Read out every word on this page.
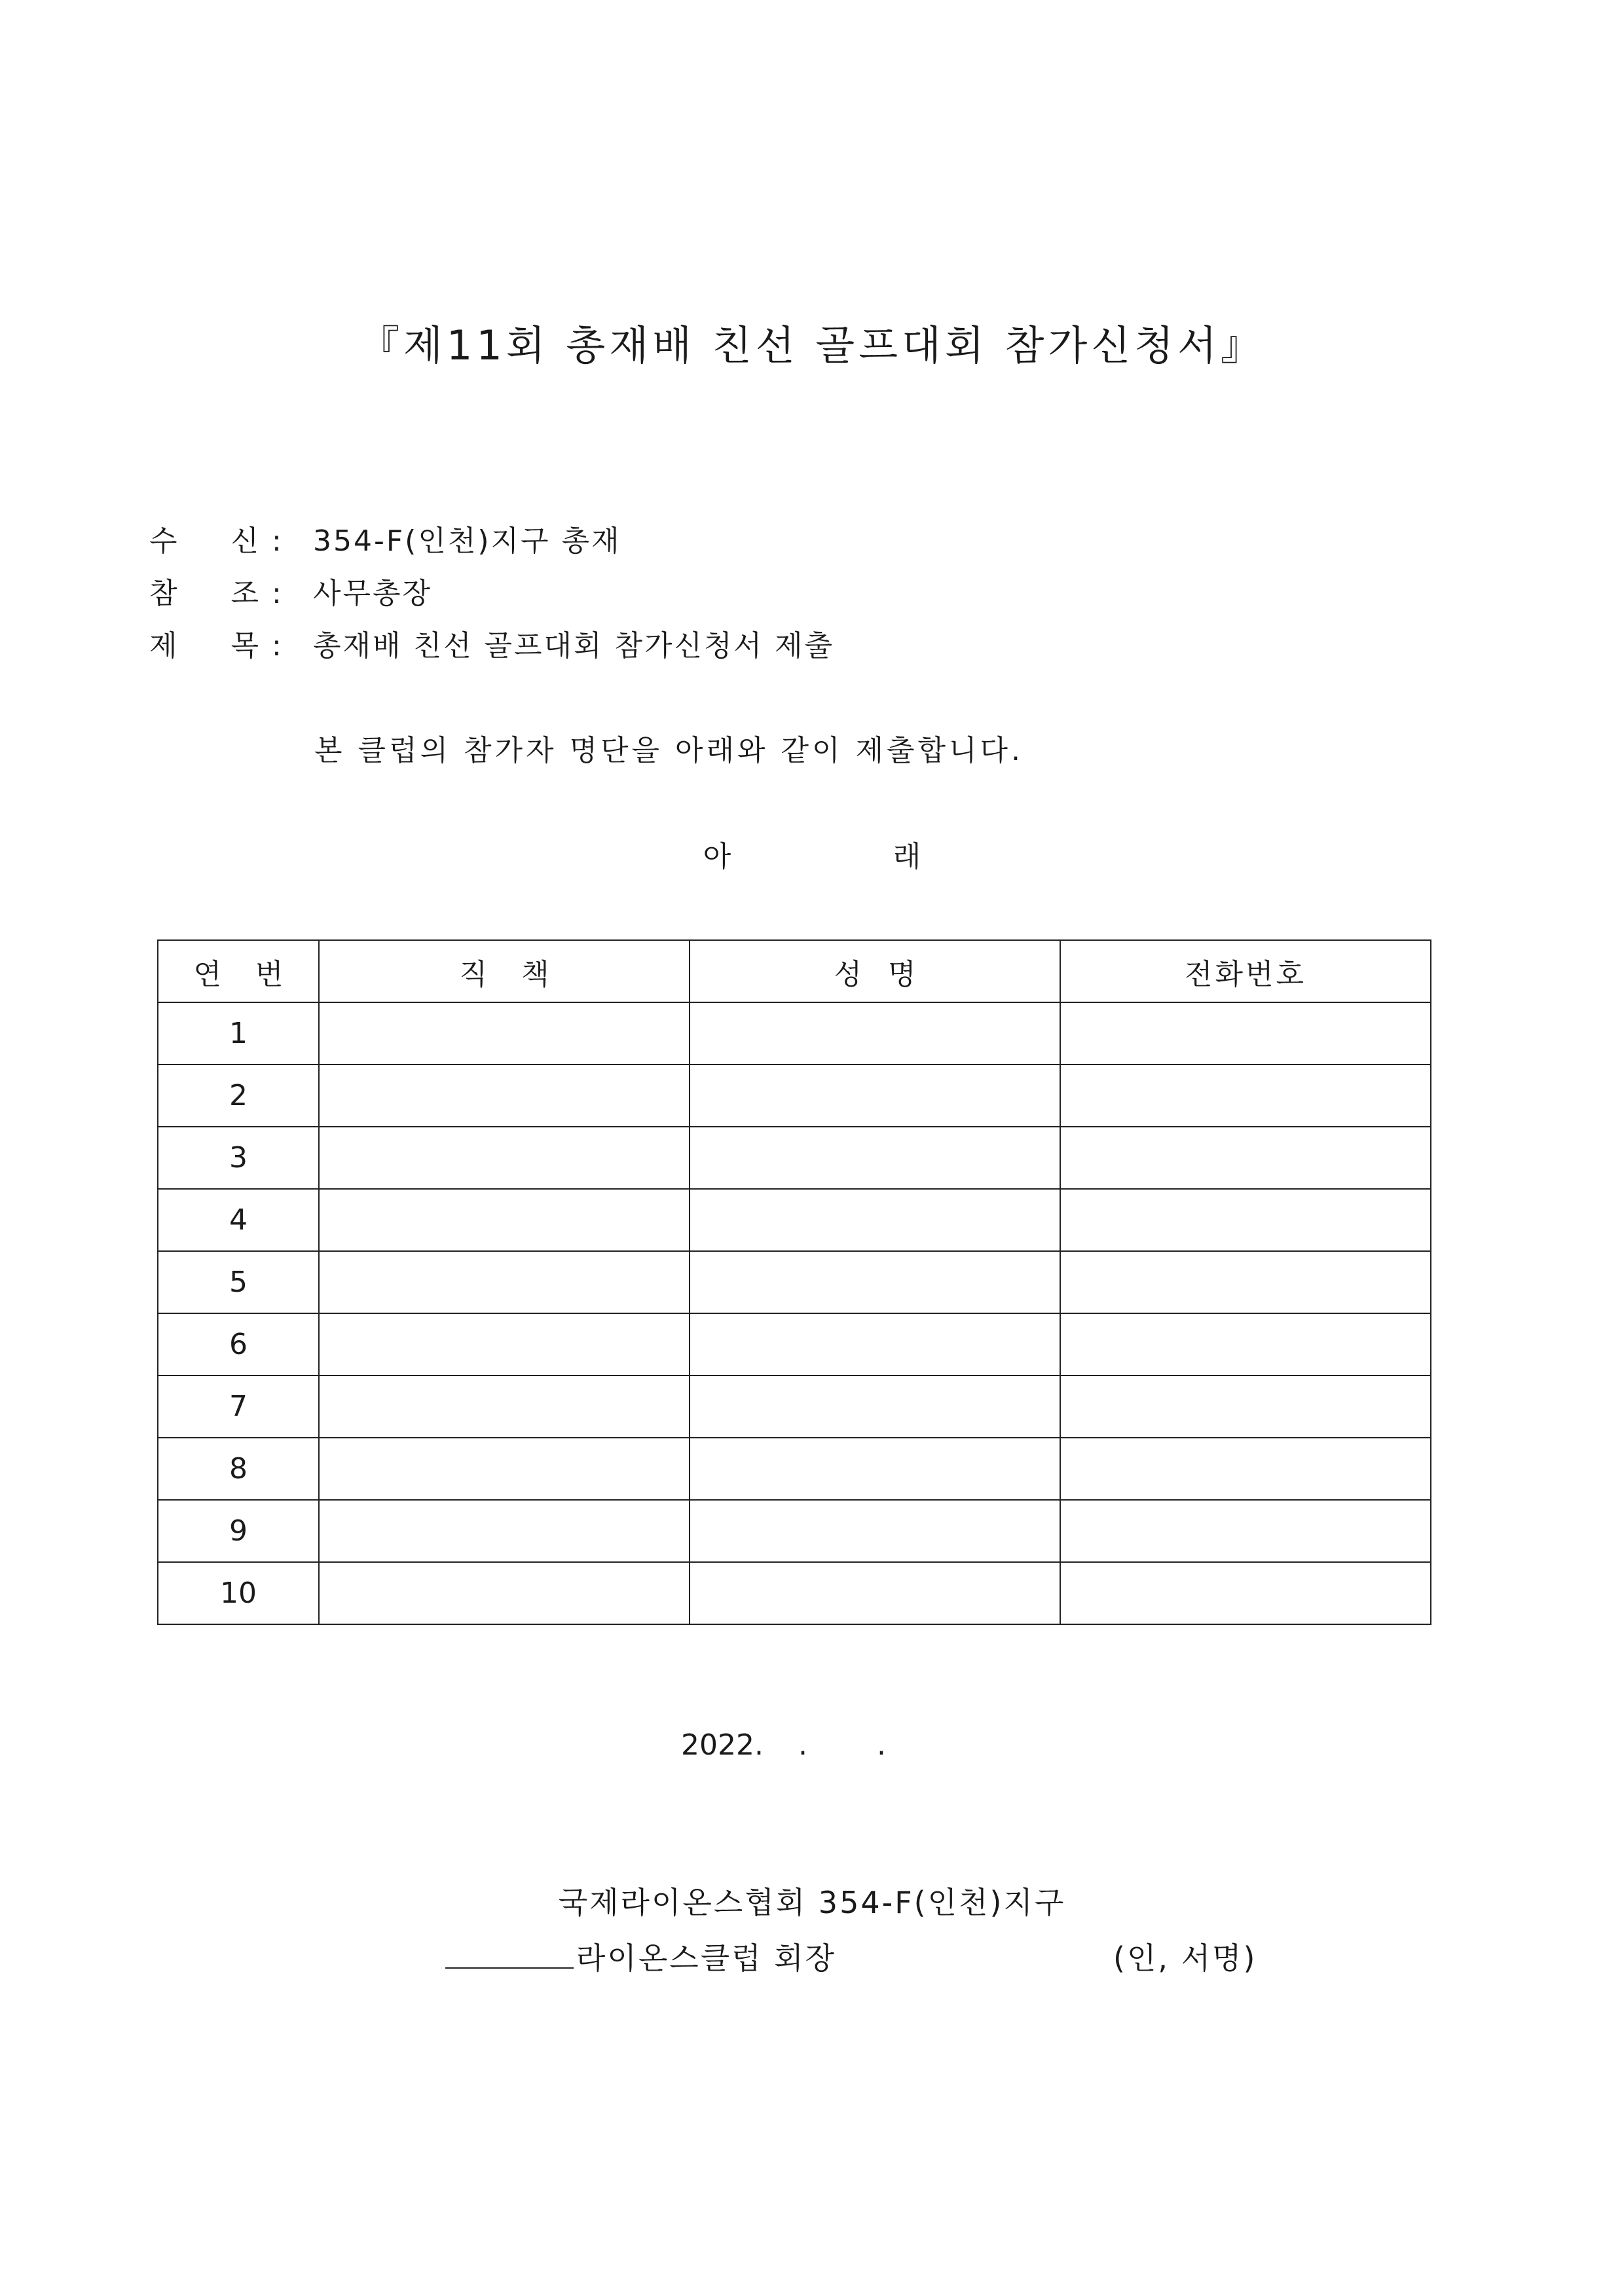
『제11회 총재배 친선 골프대회 참가신청서』
수 신 :	354-F(인천)지구 총재
참 조 :	사무총장
제 목 :	총재배 친선 골프대회 참가신청서 제출
본 클럽의 참가자 명단을 아래와 같이 제출합니다.
아	래
연번	직책	성명	전화번호
1			
2			
3			
4			
5			
6			
7			
8			
9			
10			
2022.	.	.
국제라이온스협회 354-F(인천)지구
라이온스클럽 회장	(인, 서명)
